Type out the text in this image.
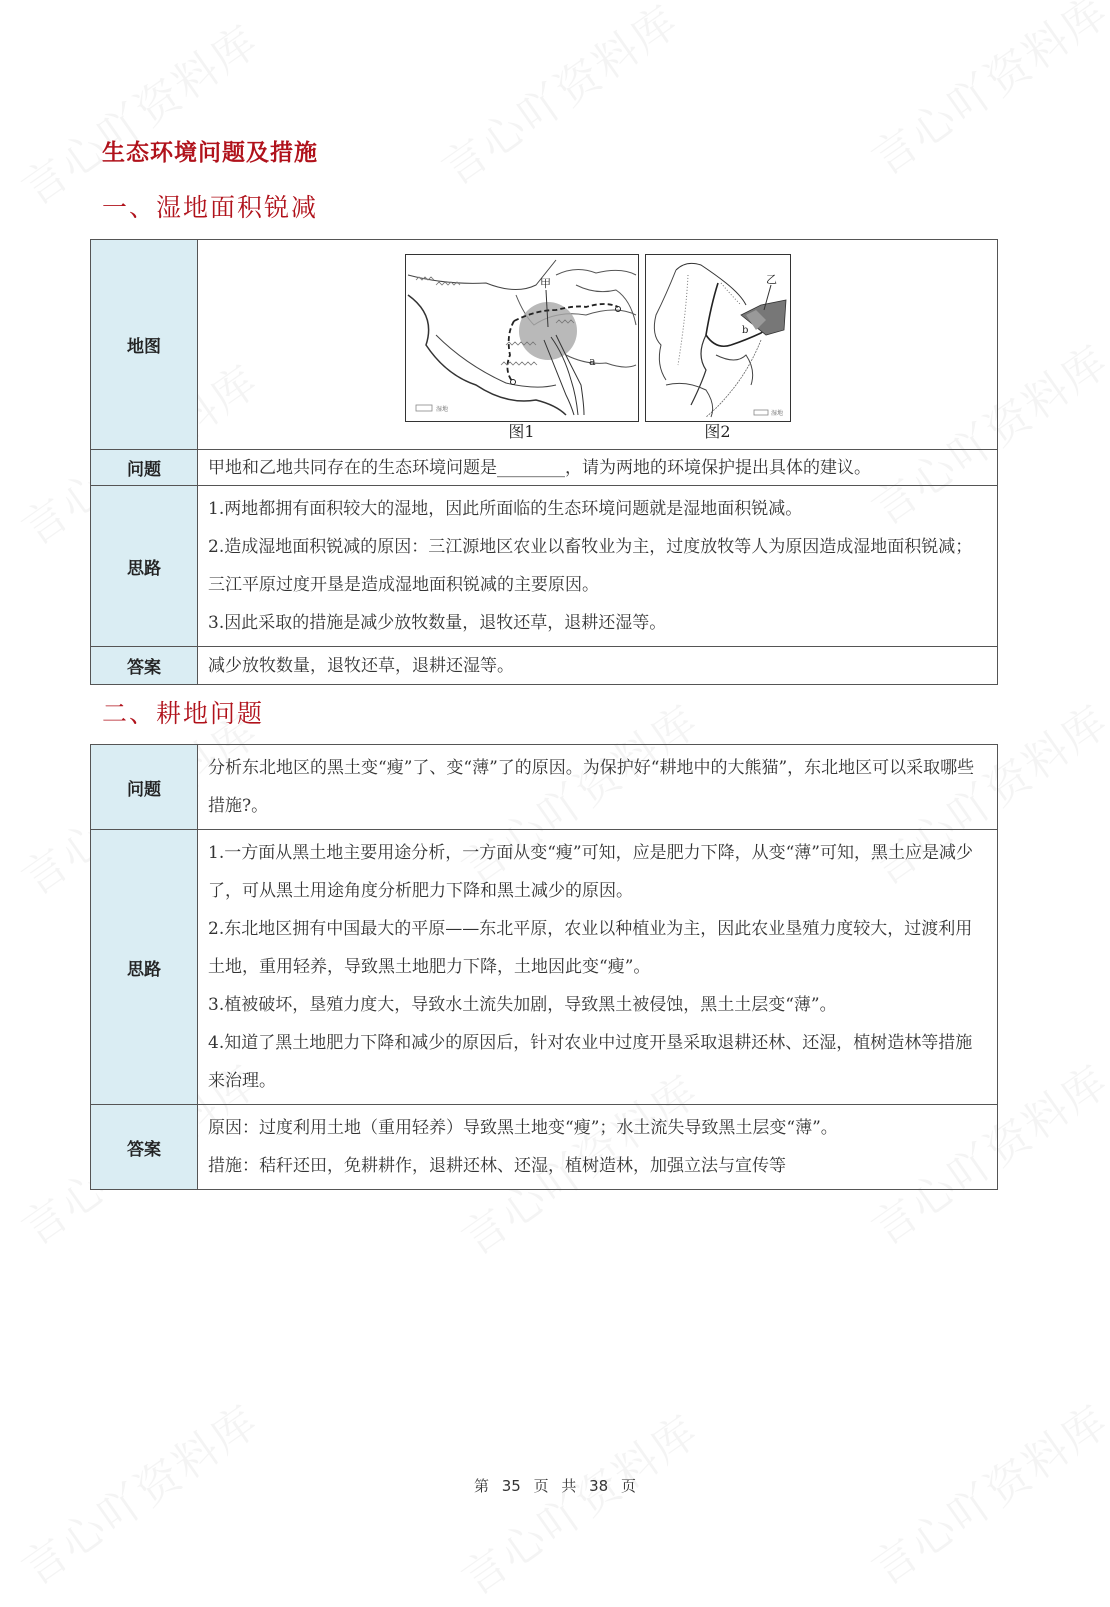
生态环境问题及措施
一、湿地面积锐减
地图	
甲
a
湿地
图1
乙
b
湿地
图2

问题	甲地和乙地共同存在的生态环境问题是________，请为两地的环境保护提出具体的建议。

思路	1.两地都拥有面积较大的湿地，因此所面临的生态环境问题就是湿地面积锐减。

2.造成湿地面积锐减的原因：三江源地区农业以畜牧业为主，过度放牧等人为原因造成湿地面积锐减；三江平原过度开垦是造成湿地面积锐减的主要原因。

3.因此采取的措施是减少放牧数量，退牧还草，退耕还湿等。

答案	减少放牧数量，退牧还草，退耕还湿等。

二、耕地问题
问题	分析东北地区的黑土变“瘦”了、变“薄”了的原因。为保护好“耕地中的大熊猫”，东北地区可以采取哪些措施?。

思路	1.一方面从黑土地主要用途分析，一方面从变“瘦”可知，应是肥力下降，从变“薄”可知，黑土应是减少了，可从黑土用途角度分析肥力下降和黑土减少的原因。

2.东北地区拥有中国最大的平原——东北平原，农业以种植业为主，因此农业垦殖力度较大，过渡利用土地，重用轻养，导致黑土地肥力下降，土地因此变“瘦”。

3.植被破坏，垦殖力度大，导致水土流失加剧，导致黑土被侵蚀，黑土土层变“薄”。

4.知道了黑土地肥力下降和减少的原因后，针对农业中过度开垦采取退耕还林、还湿，植树造林等措施来治理。

答案	原因：过度利用土地（重用轻养）导致黑土地变“瘦”；水土流失导致黑土层变“薄”。

措施：秸秆还田，免耕耕作，退耕还林、还湿，植树造林，加强立法与宣传等

第 35 页 共 38 页
